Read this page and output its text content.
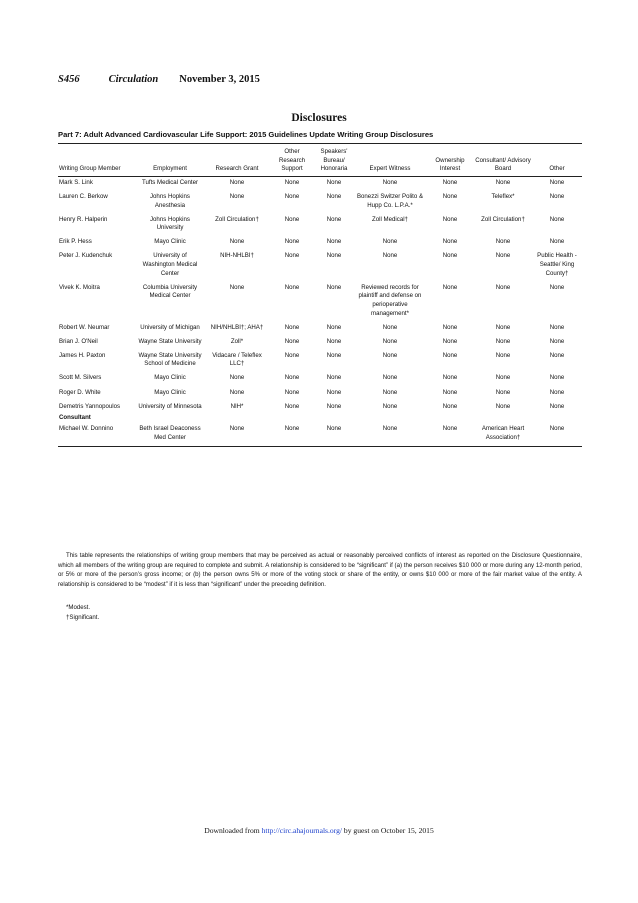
S456	Circulation November 3, 2015
Disclosures
Part 7: Adult Advanced Cardiovascular Life Support: 2015 Guidelines Update Writing Group Disclosures
Writing Group Member	Employment	Research Grant	Other Research Support	Speakers' Bureau/ Honoraria	Expert Witness	Ownership Interest	Consultant/ Advisory Board	Other
Mark S. Link	Tufts Medical Center	None	None	None	None	None	None	None
Lauren C. Berkow	Johns Hopkins Anesthesia	None	None	None	Bonezzi Switzer Polito & Hupp Co. L.P.A.*	None	Teleflex*	None
Henry R. Halperin	Johns Hopkins University	Zoll Circulation†	None	None	Zoll Medical†	None	Zoll Circulation†	None
Erik P. Hess	Mayo Clinic	None	None	None	None	None	None	None
Peter J. Kudenchuk	University of Washington Medical Center	NIH-NHLBI†	None	None	None	None	None	Public Health - Seattle/ King County†
Vivek K. Moitra	Columbia University Medical Center	None	None	None	Reviewed records for plaintiff and defense on perioperative management*	None	None	None
Robert W. Neumar	University of Michigan	NIH/NHLBI†; AHA†	None	None	None	None	None	None
Brian J. O'Neil	Wayne State University	Zoll*	None	None	None	None	None	None
James H. Paxton	Wayne State University School of Medicine	Vidacare / Teleflex LLC†	None	None	None	None	None	None
Scott M. Silvers	Mayo Clinic	None	None	None	None	None	None	None
Roger D. White	Mayo Clinic	None	None	None	None	None	None	None
Demetris Yannopoulos	University of Minnesota	NIH*	None	None	None	None	None	None
Consultant								
Michael W. Donnino	Beth Israel Deaconess Med Center	None	None	None	None	None	American Heart Association†	None
This table represents the relationships of writing group members that may be perceived as actual or reasonably perceived conflicts of interest as reported on the Disclosure Questionnaire, which all members of the writing group are required to complete and submit. A relationship is considered to be “significant” if (a) the person receives $10 000 or more during any 12-month period, or 5% or more of the person’s gross income; or (b) the person owns 5% or more of the voting stock or share of the entity, or owns $10 000 or more of the fair market value of the entity. A relationship is considered to be “modest” if it is less than “significant” under the preceding definition.
*Modest.
†Significant.
Downloaded from http://circ.ahajournals.org/ by guest on October 15, 2015
